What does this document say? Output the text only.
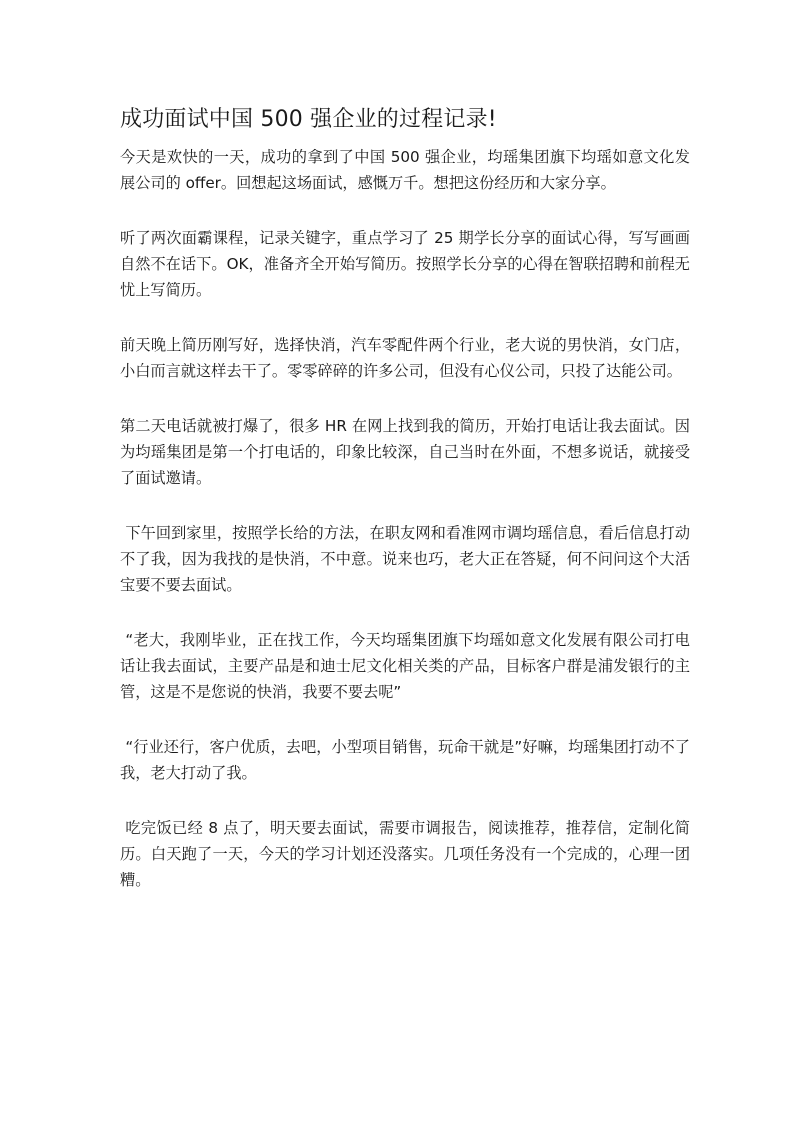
成功面试中国 500 强企业的过程记录!

今天是欢快的一天，成功的拿到了中国 500 强企业，均瑶集团旗下均瑶如意文化发展公司的 offer。回想起这场面试，感慨万千。想把这份经历和大家分享。

听了两次面霸课程，记录关键字，重点学习了 25 期学长分享的面试心得，写写画画自然不在话下。OK，准备齐全开始写简历。按照学长分享的心得在智联招聘和前程无忧上写简历。

前天晚上简历刚写好，选择快消，汽车零配件两个行业，老大说的男快消，女门店，小白而言就这样去干了。零零碎碎的许多公司，但没有心仪公司，只投了达能公司。

第二天电话就被打爆了，很多 HR 在网上找到我的简历，开始打电话让我去面试。因为均瑶集团是第一个打电话的，印象比较深，自己当时在外面，不想多说话，就接受了面试邀请。

下午回到家里，按照学长给的方法，在职友网和看准网市调均瑶信息，看后信息打动不了我，因为我找的是快消，不中意。说来也巧，老大正在答疑，何不问问这个大活宝要不要去面试。

“老大，我刚毕业，正在找工作，今天均瑶集团旗下均瑶如意文化发展有限公司打电话让我去面试，主要产品是和迪士尼文化相关类的产品，目标客户群是浦发银行的主管，这是不是您说的快消，我要不要去呢”

“行业还行，客户优质，去吧，小型项目销售，玩命干就是”好嘛，均瑶集团打动不了我，老大打动了我。

吃完饭已经 8 点了，明天要去面试，需要市调报告，阅读推荐，推荐信，定制化简历。白天跑了一天，今天的学习计划还没落实。几项任务没有一个完成的，心理一团糟。
